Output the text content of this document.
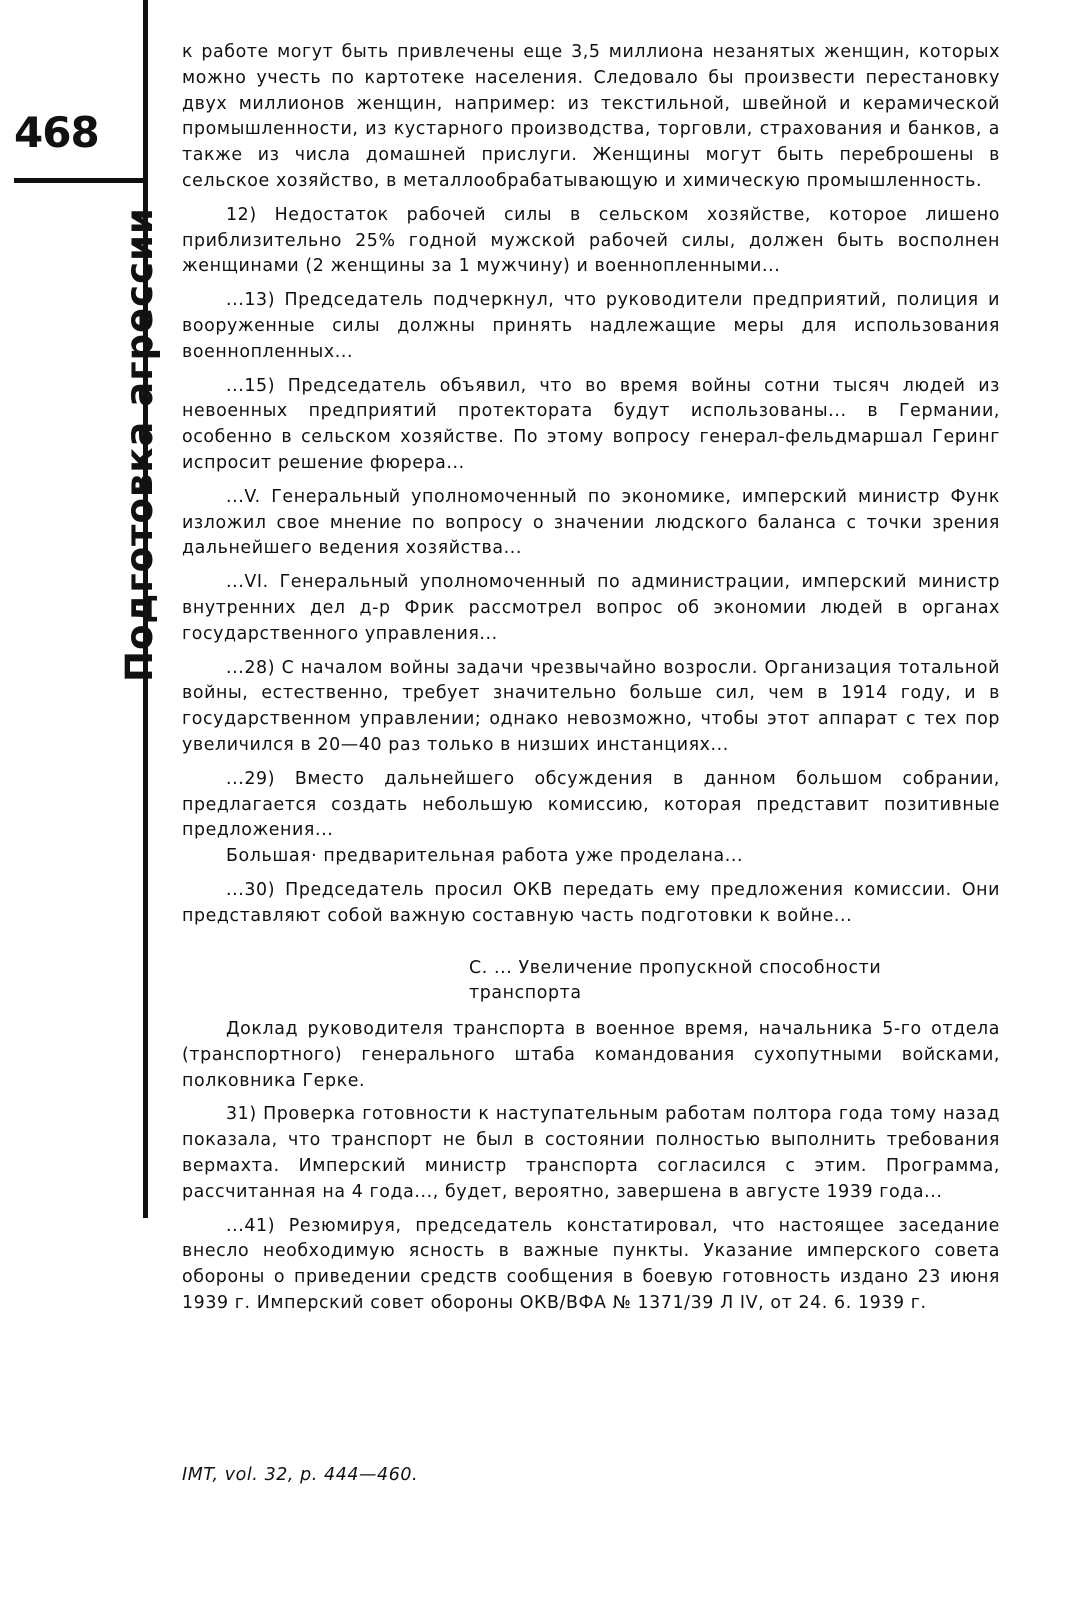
468
Подготовка агрессии

к работе могут быть привлечены еще 3,5 миллиона незанятых женщин, которых можно учесть по картотеке населения. Следовало бы произвести перестановку двух миллионов женщин, например: из текстильной, швейной и керамической промышленности, из кустарного производства, торговли, страхования и банков, а также из числа домашней прислуги. Женщины могут быть переброшены в сельское хозяйство, в металлообрабатывающую и химическую промышленность.

12) Недостаток рабочей силы в сельском хозяйстве, которое лишено приблизительно 25% годной мужской рабочей силы, должен быть восполнен женщинами (2 женщины за 1 мужчину) и военнопленными...

...13) Председатель подчеркнул, что руководители предприятий, полиция и вооруженные силы должны принять надлежащие меры для использования военнопленных...

...15) Председатель объявил, что во время войны сотни тысяч людей из невоенных предприятий протектората будут использованы... в Германии, особенно в сельском хозяйстве. По этому вопросу генерал-фельдмаршал Геринг испросит решение фюрера...

...V. Генеральный уполномоченный по экономике, имперский министр Функ изложил свое мнение по вопросу о значении людского баланса с точки зрения дальнейшего ведения хозяйства...

...VI. Генеральный уполномоченный по администрации, имперский министр внутренних дел д-р Фрик рассмотрел вопрос об экономии людей в органах государственного управления...

...28) С началом войны задачи чрезвычайно возросли. Организация тотальной войны, естественно, требует значительно больше сил, чем в 1914 году, и в государственном управлении; однако невозможно, чтобы этот аппарат с тех пор увеличился в 20—40 раз только в низших инстанциях...

...29) Вместо дальнейшего обсуждения в данном большом собрании, предлагается создать небольшую комиссию, которая представит позитивные предложения...

Большая· предварительная работа уже проделана...

...30) Председатель просил ОКВ передать ему предложения комиссии. Они представляют собой важную составную часть подготовки к войне...

С. ... Увеличение пропускной способности транспорта

Доклад руководителя транспорта в военное время, начальника 5-го отдела (транспортного) генерального штаба командования сухопутными войсками, полковника Герке.

31) Проверка готовности к наступательным работам полтора года тому назад показала, что транспорт не был в состоянии полностью выполнить требования вермахта. Имперский министр транспорта согласился с этим. Программа, рассчитанная на 4 года..., будет, вероятно, завершена в августе 1939 года...

...41) Резюмируя, председатель констатировал, что настоящее заседание внесло необходимую ясность в важные пункты. Указание имперского совета обороны о приведении средств сообщения в боевую готовность издано 23 июня 1939 г. Имперский совет обороны ОКВ/ВФА № 1371/39 Л IV, от 24. 6. 1939 г.

IMT, vol. 32, p. 444—460.
